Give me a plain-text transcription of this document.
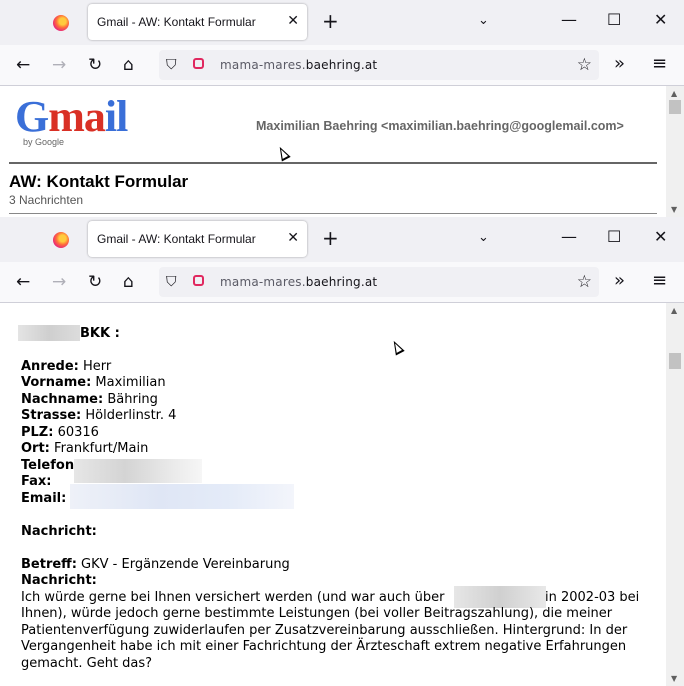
Gmail - AW: Kontakt Formular ✕ +	⌄	— ☐ ✕
← → ↻ ⌂ ⛉	mama-mares.baehring.at	☆ » ≡
Gmail
by Google
Maximilian Baehring <maximilian.baehring@googlemail.com>
AW: Kontakt Formular
3 Nachrichten
▲
▼
Gmail - AW: Kontakt Formular ✕ +	⌄	— ☐ ✕
← → ↻ ⌂ ⛉	mama-mares.baehring.at	☆ » ≡
BKK :
Anrede: Herr
Vorname: Maximilian
Nachname: Bähring
Strasse: Hölderlinstr. 4
PLZ: 60316
Ort: Frankfurt/Main
Telefon
Fax:
Email:
Nachricht:
Betreff: GKV - Ergänzende Vereinbarung
Nachricht:
Ich würde gerne bei Ihnen versichert werden (und war auch über	in 2002-03 bei
Ihnen), würde jedoch gerne bestimmte Leistungen (bei voller Beitragszahlung), die meiner
Patientenverfügung zuwiderlaufen per Zusatzvereinbarung ausschließen. Hintergrund: In der
Vergangenheit habe ich mit einer Fachrichtung der Ärzteschaft extrem negative Erfahrungen
gemacht. Geht das?
▲
▼
